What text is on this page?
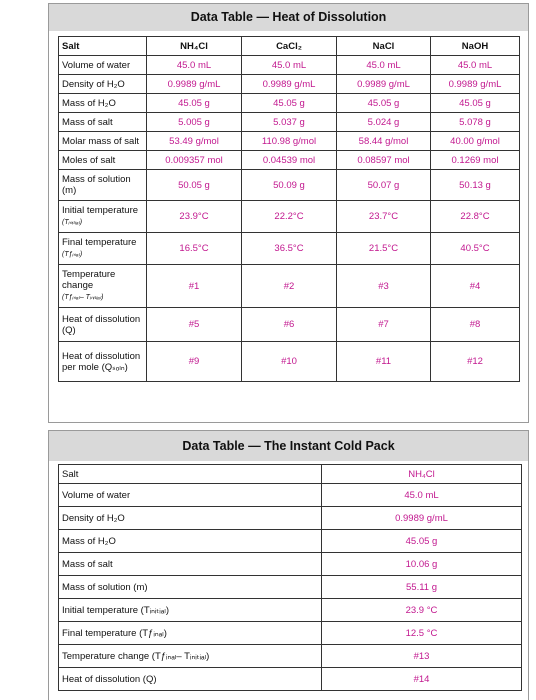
Data Table — Heat of Dissolution
Salt	NH₄Cl	CaCl₂	NaCl	NaOH
Volume of water	45.0 mL	45.0 mL	45.0 mL	45.0 mL
Density of H₂O	0.9989 g/mL	0.9989 g/mL	0.9989 g/mL	0.9989 g/mL
Mass of H₂O	45.05 g	45.05 g	45.05 g	45.05 g
Mass of salt	5.005 g	5.037 g	5.024 g	5.078 g
Molar mass of salt	53.49 g/mol	110.98 g/mol	58.44 g/mol	40.00 g/mol
Moles of salt	0.009357 mol	0.04539 mol	0.08597 mol	0.1269 mol
Mass of solution (m)	50.05 g	50.09 g	50.07 g	50.13 g
Initial temperature
(Tᵢₙᵢₜᵢₐₗ)	23.9°C	22.2°C	23.7°C	22.8°C
Final temperature
(Tƒᵢₙₐₗ)	16.5°C	36.5°C	21.5°C	40.5°C
Temperature change
(Tƒᵢₙₐₗ– Tᵢₙᵢₜᵢₐₗ)	#1	#2	#3	#4
Heat of dissolution (Q)	#5	#6	#7	#8
Heat of dissolution per mole (Qₛₒₗₙ)	#9	#10	#11	#12
Data Table — The Instant Cold Pack
Salt	NH₄Cl
Volume of water	45.0 mL
Density of H₂O	0.9989 g/mL
Mass of H₂O	45.05 g
Mass of salt	10.06 g
Mass of solution (m)	55.11 g
Initial temperature (Tᵢₙᵢₜᵢₐₗ)	23.9 °C
Final temperature (Tƒᵢₙₐₗ)	12.5 °C
Temperature change (Tƒᵢₙₐₗ– Tᵢₙᵢₜᵢₐₗ)	#13
Heat of dissolution (Q)	#14
